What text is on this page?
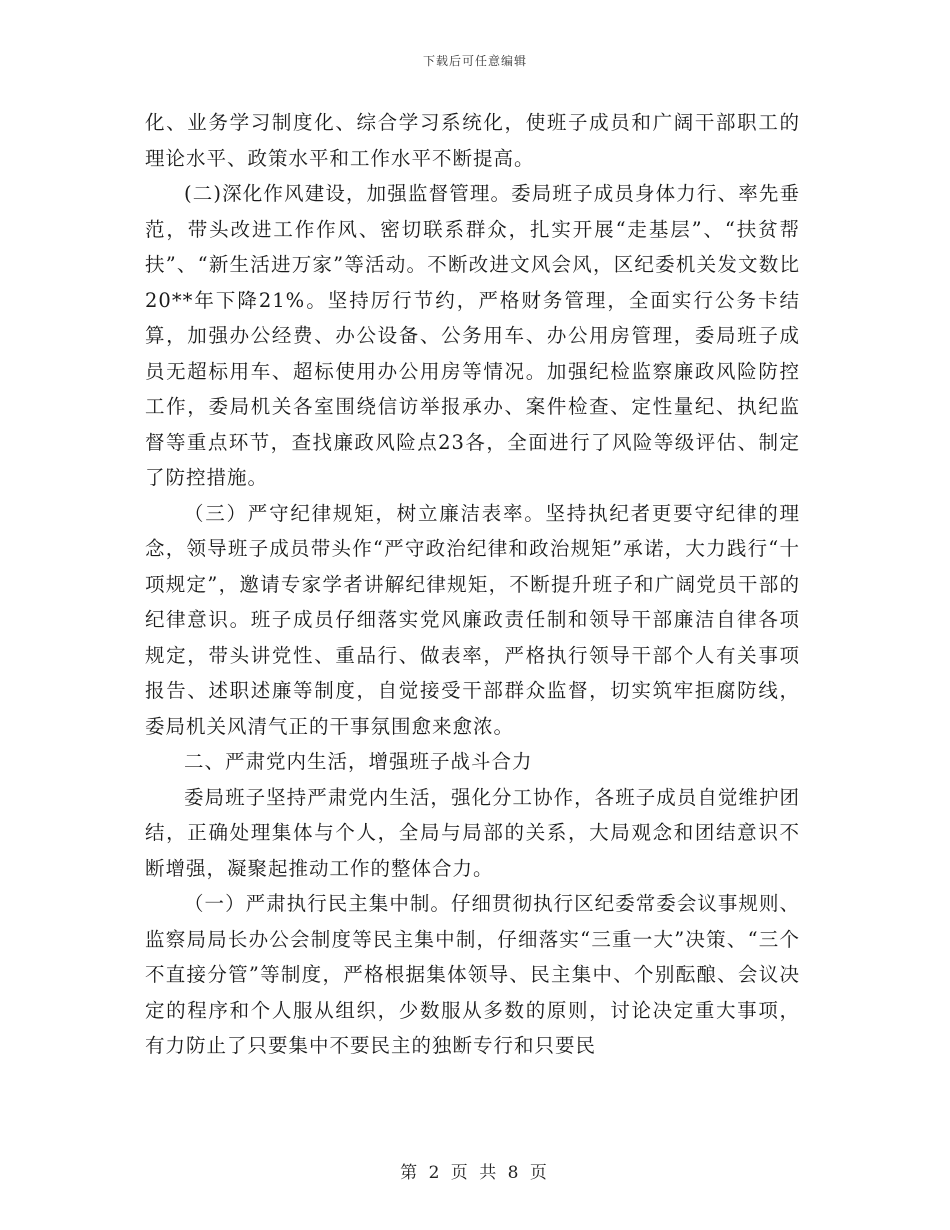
下载后可任意编辑

化、业务学习制度化、综合学习系统化，使班子成员和广阔干部职工的理论水平、政策水平和工作水平不断提高。

(二)深化作风建设，加强监督管理。委局班子成员身体力行、率先垂范，带头改进工作作风、密切联系群众，扎实开展“走基层”、“扶贫帮扶”、“新生活进万家”等活动。不断改进文风会风，区纪委机关发文数比20**年下降21%。坚持厉行节约，严格财务管理，全面实行公务卡结算，加强办公经费、办公设备、公务用车、办公用房管理，委局班子成员无超标用车、超标使用办公用房等情况。加强纪检监察廉政风险防控工作，委局机关各室围绕信访举报承办、案件检查、定性量纪、执纪监督等重点环节，查找廉政风险点23各，全面进行了风险等级评估、制定了防控措施。

（三）严守纪律规矩，树立廉洁表率。坚持执纪者更要守纪律的理念，领导班子成员带头作“严守政治纪律和政治规矩”承诺，大力践行“十项规定”，邀请专家学者讲解纪律规矩，不断提升班子和广阔党员干部的纪律意识。班子成员仔细落实党风廉政责任制和领导干部廉洁自律各项规定，带头讲党性、重品行、做表率，严格执行领导干部个人有关事项报告、述职述廉等制度，自觉接受干部群众监督，切实筑牢拒腐防线，委局机关风清气正的干事氛围愈来愈浓。

二、严肃党内生活，增强班子战斗合力

委局班子坚持严肃党内生活，强化分工协作，各班子成员自觉维护团结，正确处理集体与个人，全局与局部的关系，大局观念和团结意识不断增强，凝聚起推动工作的整体合力。

（一）严肃执行民主集中制。仔细贯彻执行区纪委常委会议事规则、监察局局长办公会制度等民主集中制，仔细落实“三重一大”决策、“三个不直接分管”等制度，严格根据集体领导、民主集中、个别酝酿、会议决定的程序和个人服从组织，少数服从多数的原则，讨论决定重大事项，有力防止了只要集中不要民主的独断专行和只要民

第 2 页 共 8 页
